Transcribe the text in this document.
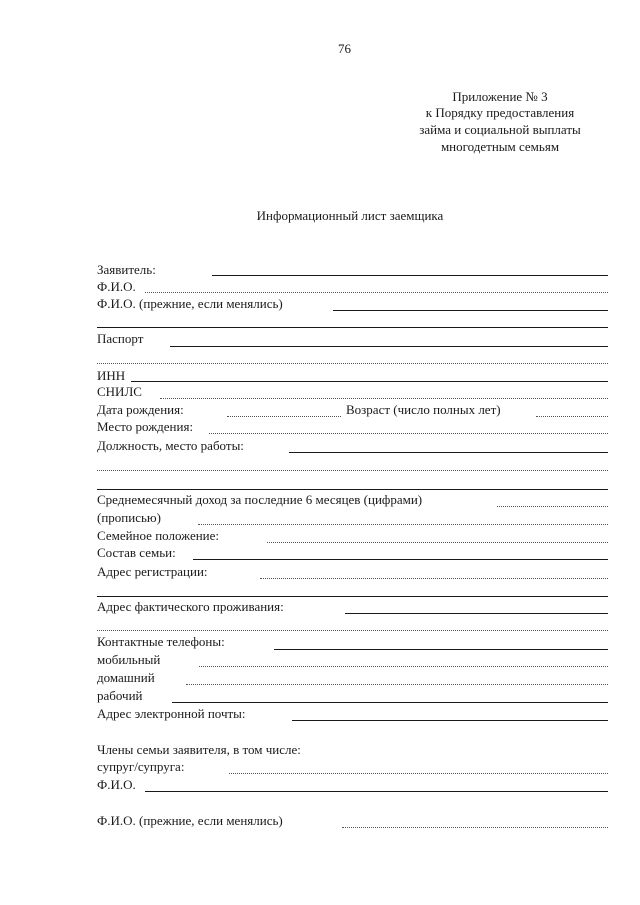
76
Приложение № 3
к Порядку предоставления
займа и социальной выплаты
многодетным семьям
Информационный лист заемщика
Заявитель:
Ф.И.О.
Ф.И.О. (прежние, если менялись)
Паспорт
ИНН
СНИЛС
Дата рождения:	Возраст (число полных лет)
Место рождения:
Должность, место работы:
Среднемесячный доход за последние 6 месяцев (цифрами)
(прописью)
Семейное положение:
Состав семьи:
Адрес регистрации:
Адрес фактического проживания:
Контактные телефоны:
мобильный
домашний
рабочий
Адрес электронной почты:
Члены семьи заявителя, в том числе:
супруг/супруга:
Ф.И.О.
Ф.И.О. (прежние, если менялись)
